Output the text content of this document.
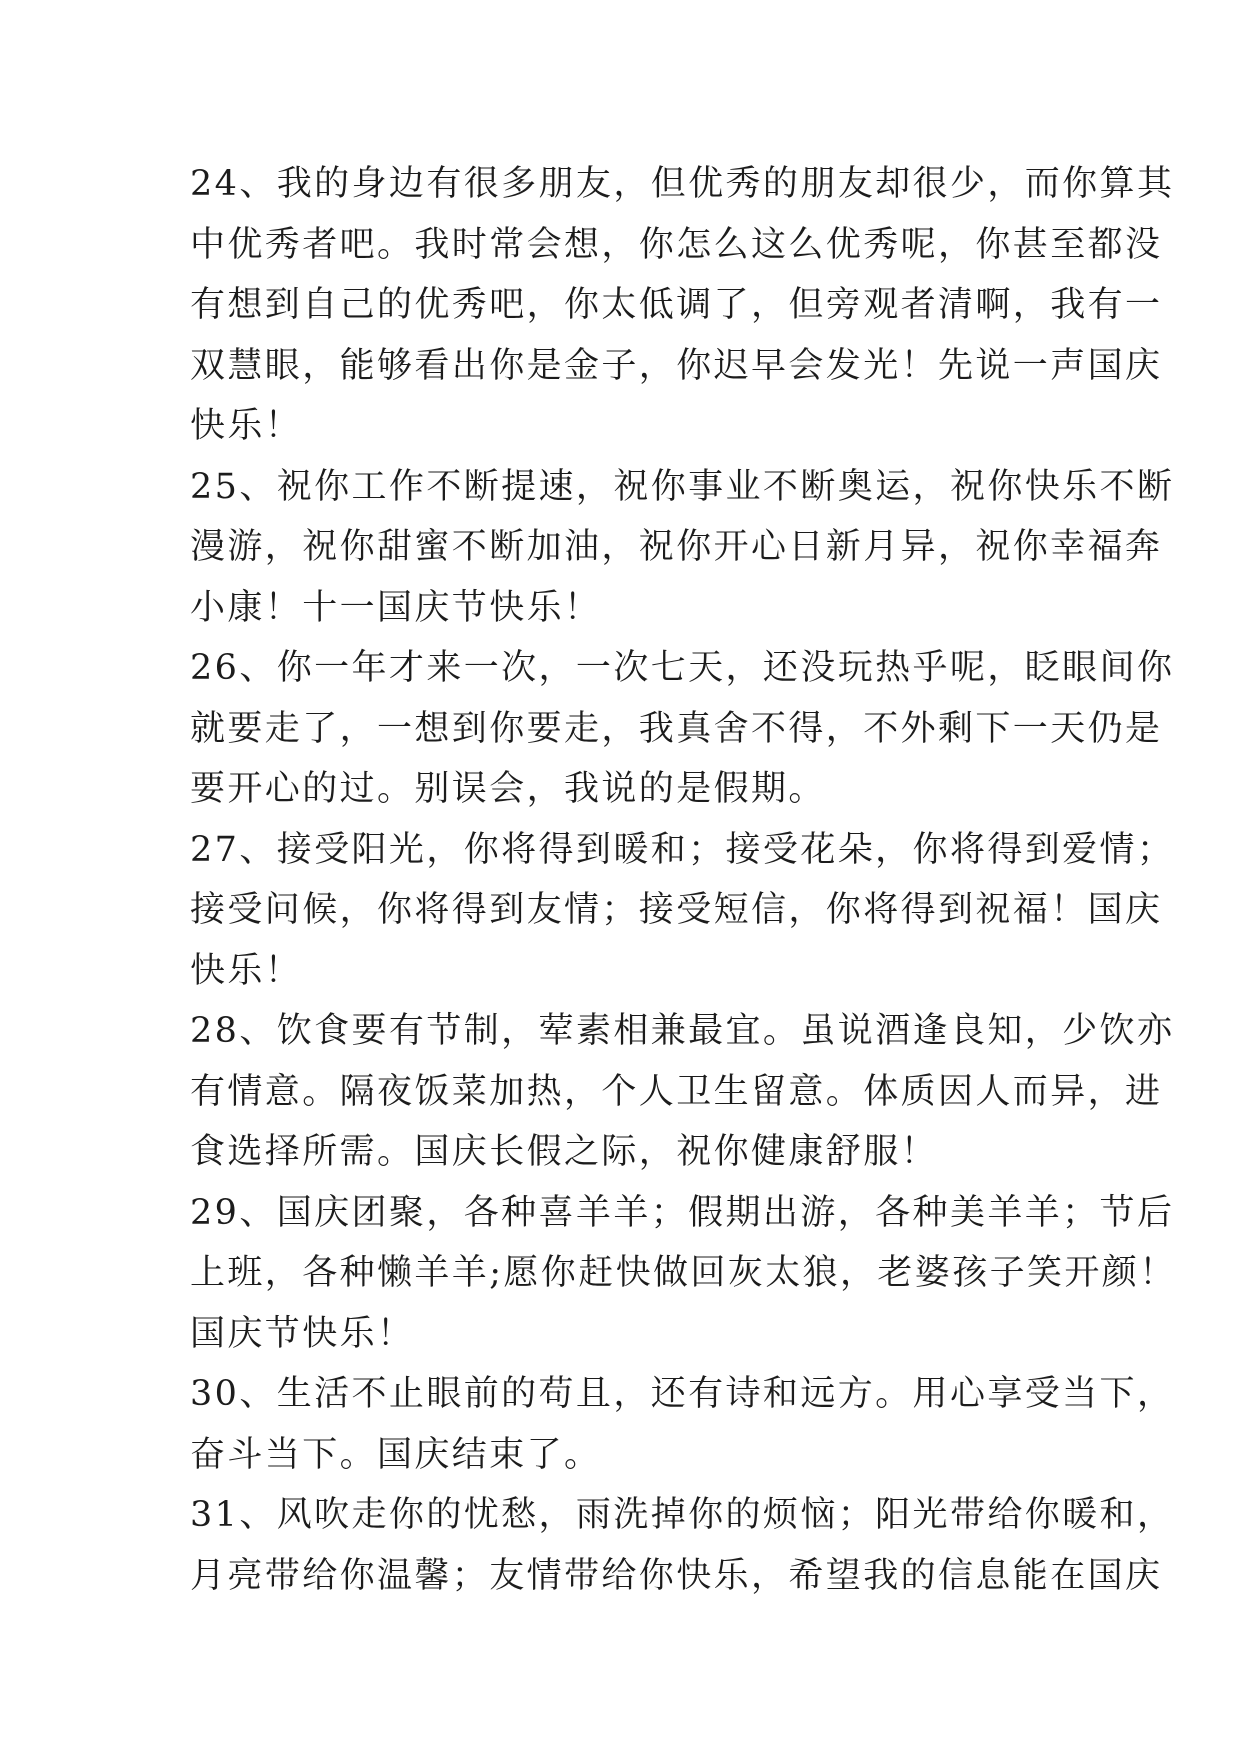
24、我的身边有很多朋友，但优秀的朋友却很少，而你算其
中优秀者吧。我时常会想，你怎么这么优秀呢，你甚至都没
有想到自己的优秀吧，你太低调了，但旁观者清啊，我有一
双慧眼，能够看出你是金子，你迟早会发光！先说一声国庆
快乐！
25、祝你工作不断提速，祝你事业不断奥运，祝你快乐不断
漫游，祝你甜蜜不断加油，祝你开心日新月异，祝你幸福奔
小康！十一国庆节快乐！
26、你一年才来一次，一次七天，还没玩热乎呢，眨眼间你
就要走了，一想到你要走，我真舍不得，不外剩下一天仍是
要开心的过。别误会，我说的是假期。
27、接受阳光，你将得到暖和；接受花朵，你将得到爱情；
接受问候，你将得到友情；接受短信，你将得到祝福！国庆
快乐！
28、饮食要有节制，荤素相兼最宜。虽说酒逢良知，少饮亦
有情意。隔夜饭菜加热，个人卫生留意。体质因人而异，进
食选择所需。国庆长假之际，祝你健康舒服！
29、国庆团聚，各种喜羊羊；假期出游，各种美羊羊；节后
上班，各种懒羊羊;愿你赶快做回灰太狼，老婆孩子笑开颜！
国庆节快乐！
30、生活不止眼前的苟且，还有诗和远方。用心享受当下，
奋斗当下。国庆结束了。
31、风吹走你的忧愁，雨洗掉你的烦恼；阳光带给你暖和，
月亮带给你温馨；友情带给你快乐，希望我的信息能在国庆
